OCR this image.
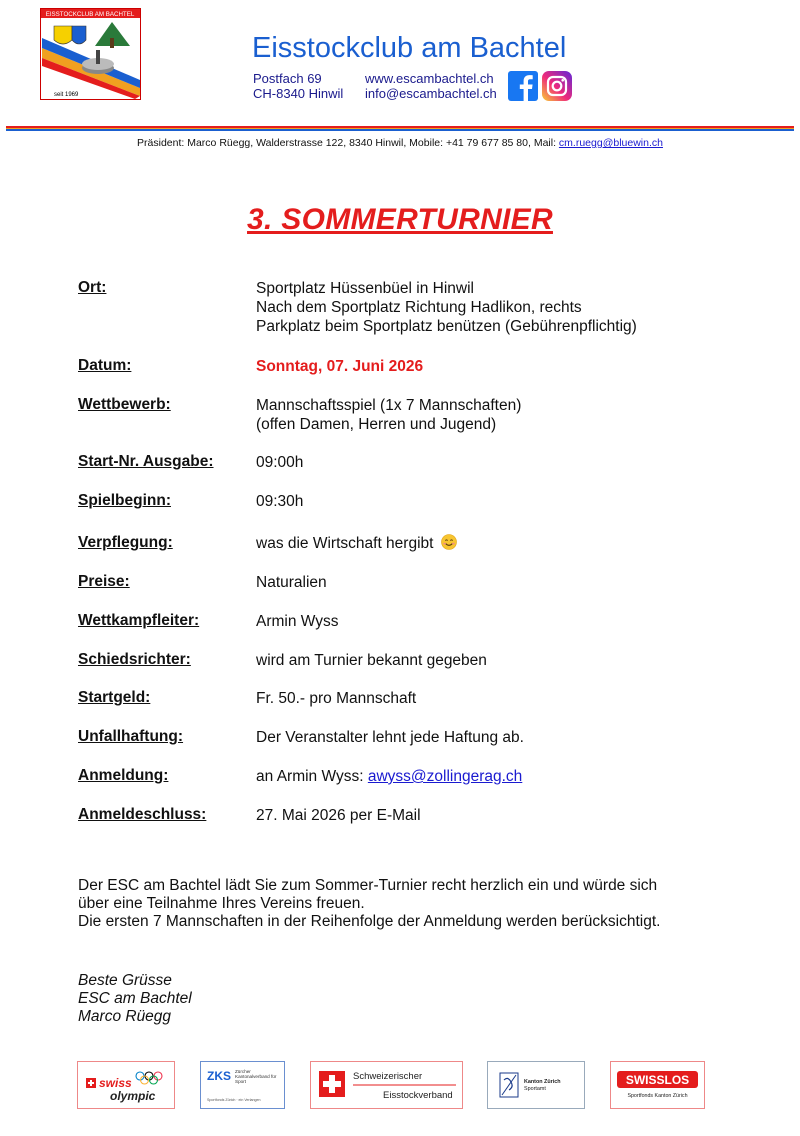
EISSTOCKCLUB AM BACHTEL
seit 1969
Eisstockclub am Bachtel
Postfach 69
CH-8340 Hinwil
www.escambachtel.ch
info@escambachtel.ch
Präsident: Marco Rüegg, Walderstrasse 122, 8340 Hinwil, Mobile: +41 79 677 85 80, Mail: cm.ruegg@bluewin.ch
3. SOMMERTURNIER
Ort:	Sportplatz Hüssenbüel in Hinwil
Nach dem Sportplatz Richtung Hadlikon, rechts
Parkplatz beim Sportplatz benützen (Gebührenpflichtig)
Datum:	Sonntag, 07. Juni 2026
Wettbewerb:	Mannschaftsspiel (1x 7 Mannschaften)
(offen Damen, Herren und Jugend)
Start-Nr. Ausgabe:	09:00h
Spielbeginn:	09:30h
Verpflegung:	was die Wirtschaft hergibt
Preise:	Naturalien
Wettkampfleiter:	Armin Wyss
Schiedsrichter:	wird am Turnier bekannt gegeben
Startgeld:	Fr. 50.- pro Mannschaft
Unfallhaftung:	Der Veranstalter lehnt jede Haftung ab.
Anmeldung:	an Armin Wyss: awyss@zollingerag.ch
Anmeldeschluss:	27. Mai 2026 per E-Mail
Der ESC am Bachtel lädt Sie zum Sommer-Turnier recht herzlich ein und würde sich
über eine Teilnahme Ihres Vereins freuen.
Die ersten 7 Mannschaften in der Reihenfolge der Anmeldung werden berücksichtigt.
Beste Grüsse
ESC am Bachtel
Marco Rüegg
swiss
olympic
ZKS Zürcher Kantonalverband für Sport
Sportfonds Zürich · ein Verlangen
Schweizerischer
Eisstockverband
Kanton Zürich
Sportamt
SWISSLOS
Sportfonds Kanton Zürich
